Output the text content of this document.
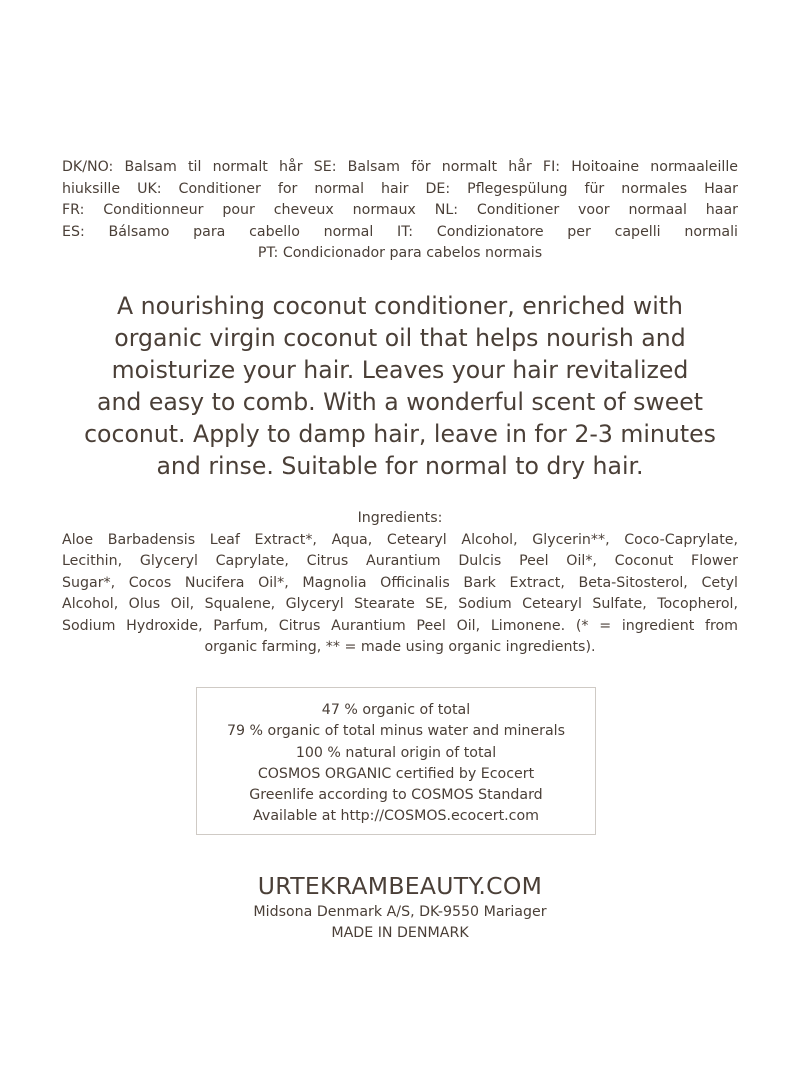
DK/NO: Balsam til normalt hår SE: Balsam för normalt hår FI: Hoitoaine normaaleille
hiuksille UK: Conditioner for normal hair DE: Pflegespülung für normales Haar
FR: Conditionneur pour cheveux normaux NL: Conditioner voor normaal haar
ES: Bálsamo para cabello normal IT: Condizionatore per capelli normali
PT: Condicionador para cabelos normais
A nourishing coconut conditioner, enriched with
organic virgin coconut oil that helps nourish and
moisturize your hair. Leaves your hair revitalized
and easy to comb. With a wonderful scent of sweet
coconut. Apply to damp hair, leave in for 2-3 minutes
and rinse. Suitable for normal to dry hair.
Ingredients:
Aloe Barbadensis Leaf Extract*, Aqua, Cetearyl Alcohol, Glycerin**, Coco-Caprylate,
Lecithin, Glyceryl Caprylate, Citrus Aurantium Dulcis Peel Oil*, Coconut Flower
Sugar*, Cocos Nucifera Oil*, Magnolia Officinalis Bark Extract, Beta-Sitosterol, Cetyl
Alcohol, Olus Oil, Squalene, Glyceryl Stearate SE, Sodium Cetearyl Sulfate, Tocopherol,
Sodium Hydroxide, Parfum, Citrus Aurantium Peel Oil, Limonene. (* = ingredient from
organic farming, ** = made using organic ingredients).
47 % organic of total
79 % organic of total minus water and minerals
100 % natural origin of total
COSMOS ORGANIC certified by Ecocert
Greenlife according to COSMOS Standard
Available at http://COSMOS.ecocert.com
URTEKRAMBEAUTY.COM
Midsona Denmark A/S, DK-9550 Mariager
MADE IN DENMARK
